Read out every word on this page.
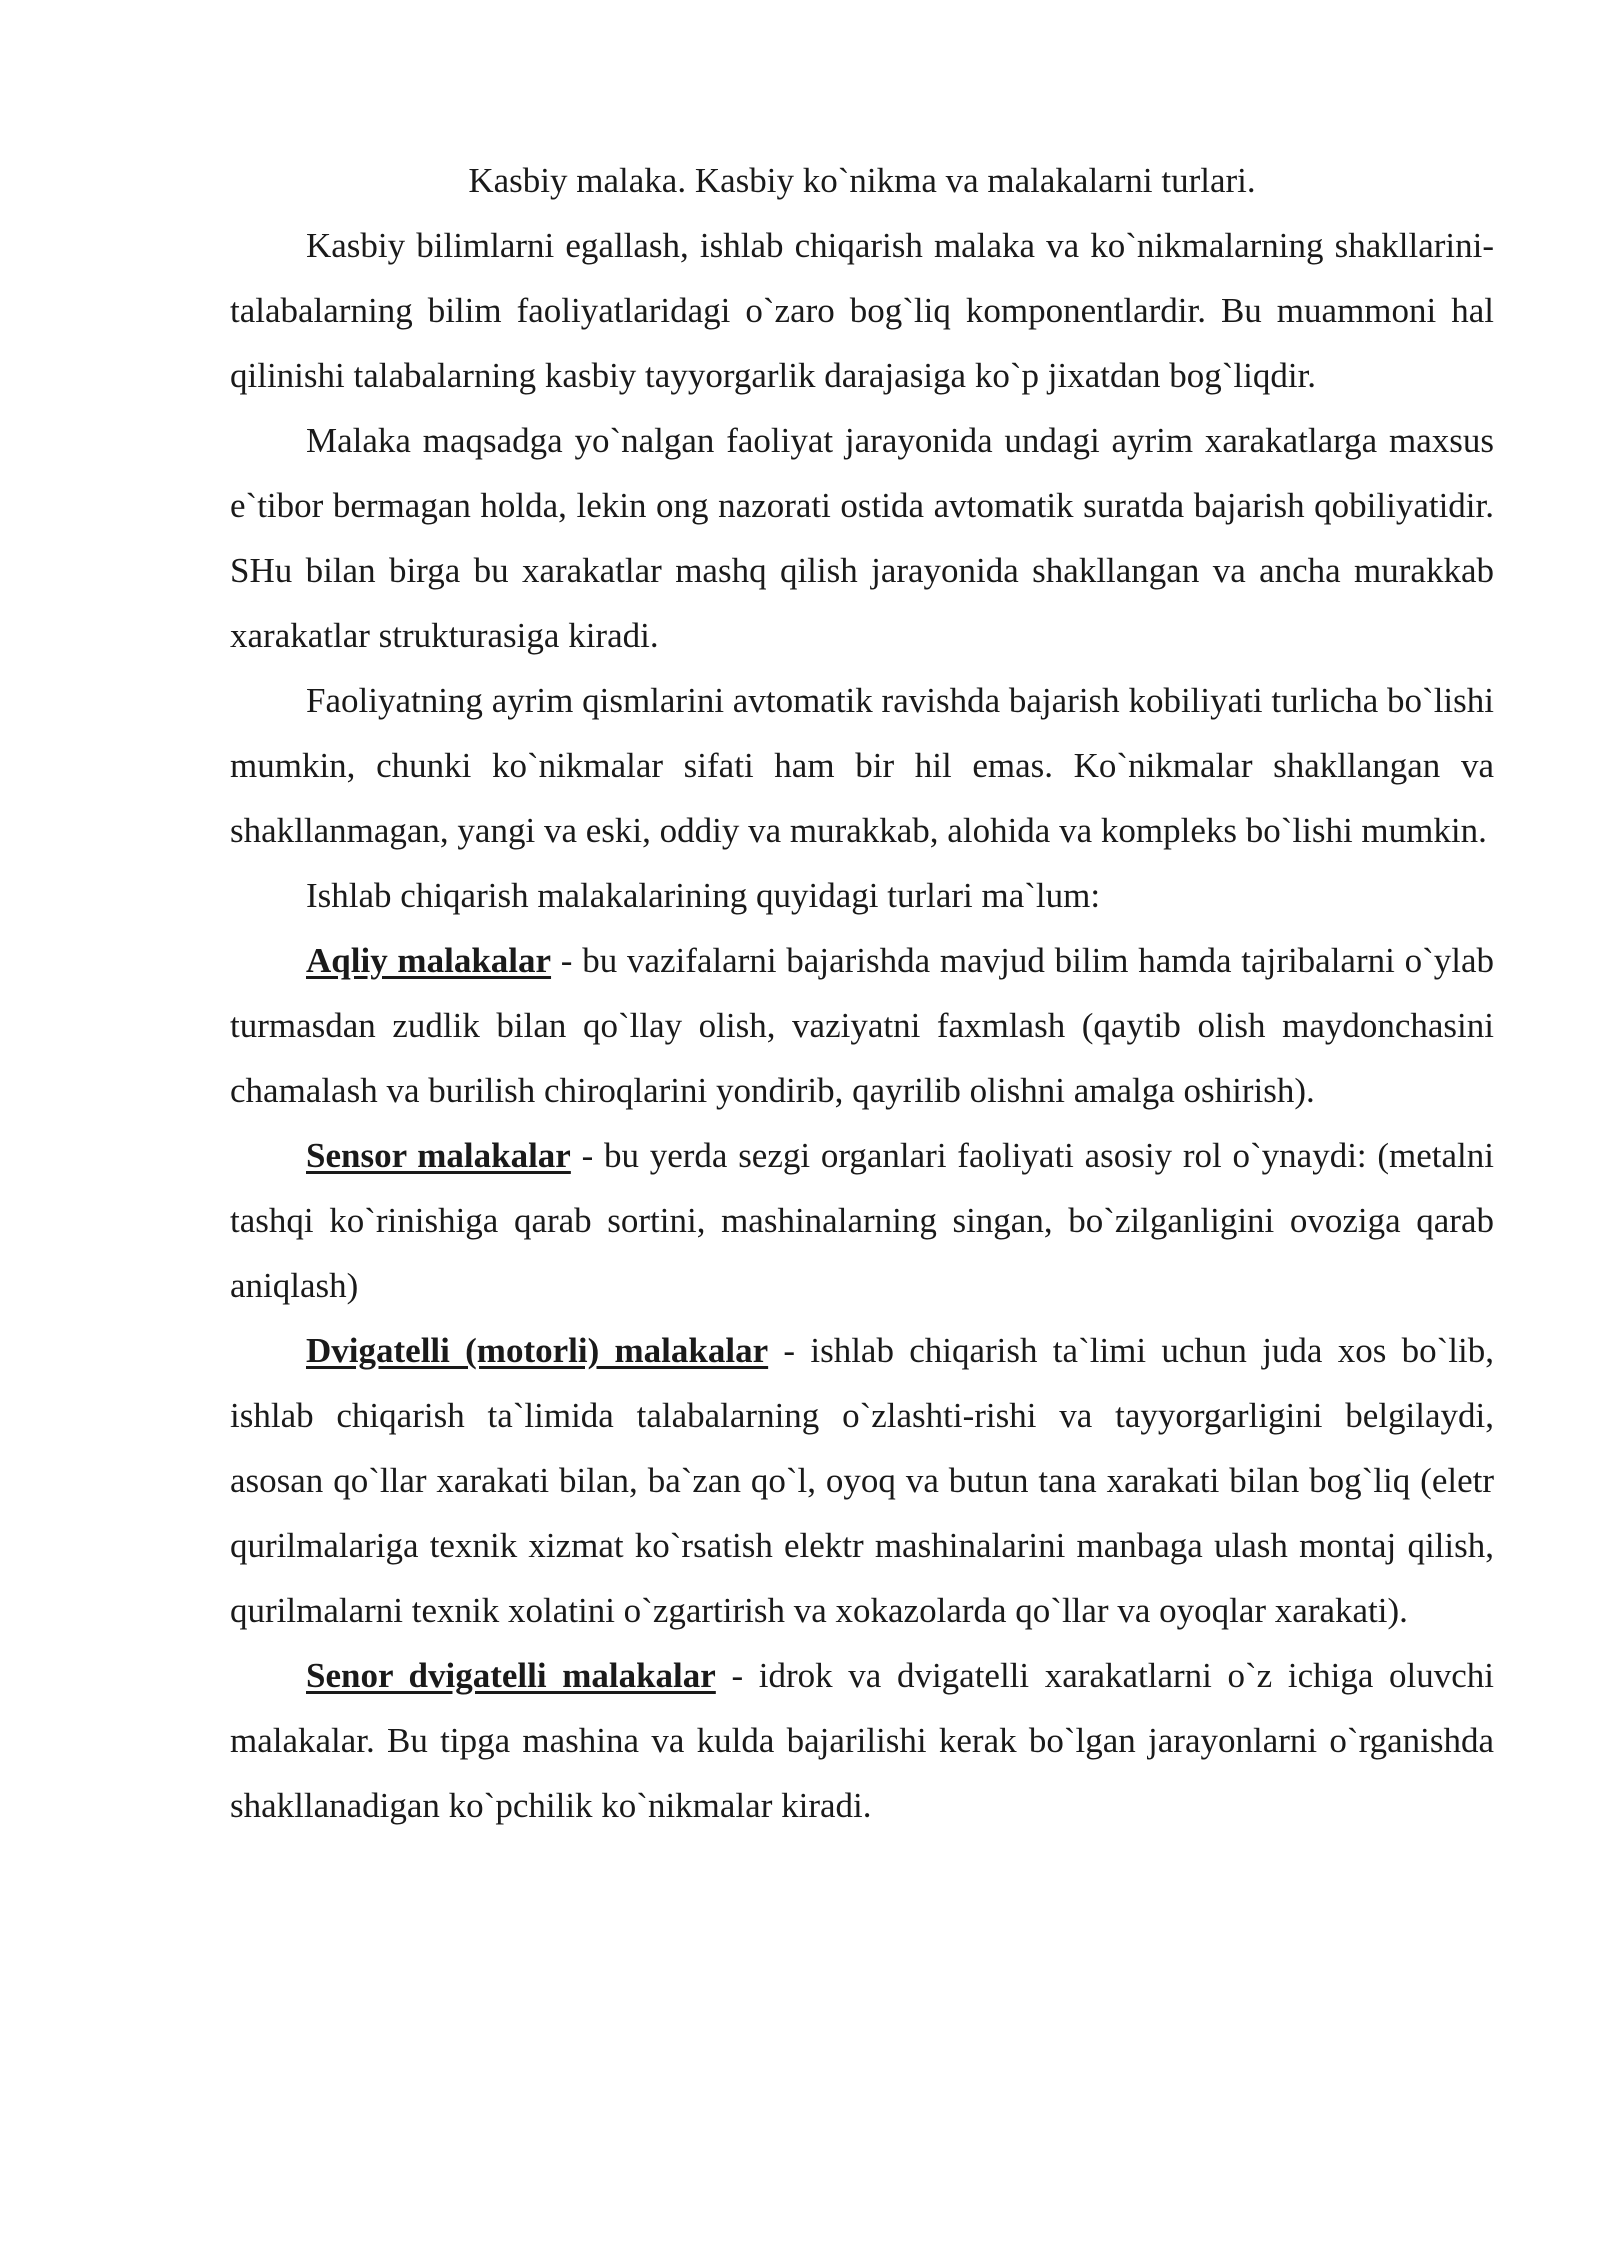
Kasbiy malaka. Kasbiy ko`nikma va malakalarni turlari.

Kasbiy bilimlarni egallash, ishlab chiqarish malaka va ko`nikmalarning shakllarini- talabalarning bilim faoliyatlaridagi o`zaro bog`liq komponentlardir. Bu muammoni hal qilinishi talabalarning kasbiy tayyorgarlik darajasiga ko`p jixatdan bog`liqdir.

Malaka maqsadga yo`nalgan faoliyat jarayonida undagi ayrim xarakatlarga maxsus e`tibor bermagan holda, lekin ong nazorati ostida avtomatik suratda bajarish qobiliyatidir. SHu bilan birga bu xarakatlar mashq qilish jarayonida shakllangan va ancha murakkab xarakatlar strukturasiga kiradi.

Faoliyatning ayrim qismlarini avtomatik ravishda bajarish kobiliyati turlicha bo`lishi mumkin, chunki ko`nikmalar sifati ham bir hil emas. Ko`nikmalar shakllangan va shakllanmagan, yangi va eski, oddiy va murakkab, alohida va kompleks bo`lishi mumkin.

Ishlab chiqarish malakalarining quyidagi turlari ma`lum:

Aqliy malakalar - bu vazifalarni bajarishda mavjud bilim hamda tajribalarni o`ylab turmasdan zudlik bilan qo`llay olish, vaziyatni faxmlash (qaytib olish maydonchasini chamalash va burilish chiroqlarini yondirib, qayrilib olishni amalga oshirish).

Sensor malakalar - bu yerda sezgi organlari faoliyati asosiy rol o`ynaydi: (metalni tashqi ko`rinishiga qarab sortini, mashinalarning singan, bo`zilganligini ovoziga qarab aniqlash)

Dvigatelli (motorli) malakalar - ishlab chiqarish ta`limi uchun juda xos bo`lib, ishlab chiqarish ta`limida talabalarning o`zlashti-rishi va tayyorgarligini belgilaydi, asosan qo`llar xarakati bilan, ba`zan qo`l, oyoq va butun tana xarakati bilan bog`liq (eletr qurilmalariga texnik xizmat ko`rsatish elektr mashinalarini manbaga ulash montaj qilish, qurilmalarni texnik xolatini o`zgartirish va xokazolarda qo`llar va oyoqlar xarakati).

Senor dvigatelli malakalar - idrok va dvigatelli xarakatlarni o`z ichiga oluvchi malakalar. Bu tipga mashina va kulda bajarilishi kerak bo`lgan jarayonlarni o`rganishda shakllanadigan ko`pchilik ko`nikmalar kiradi.
